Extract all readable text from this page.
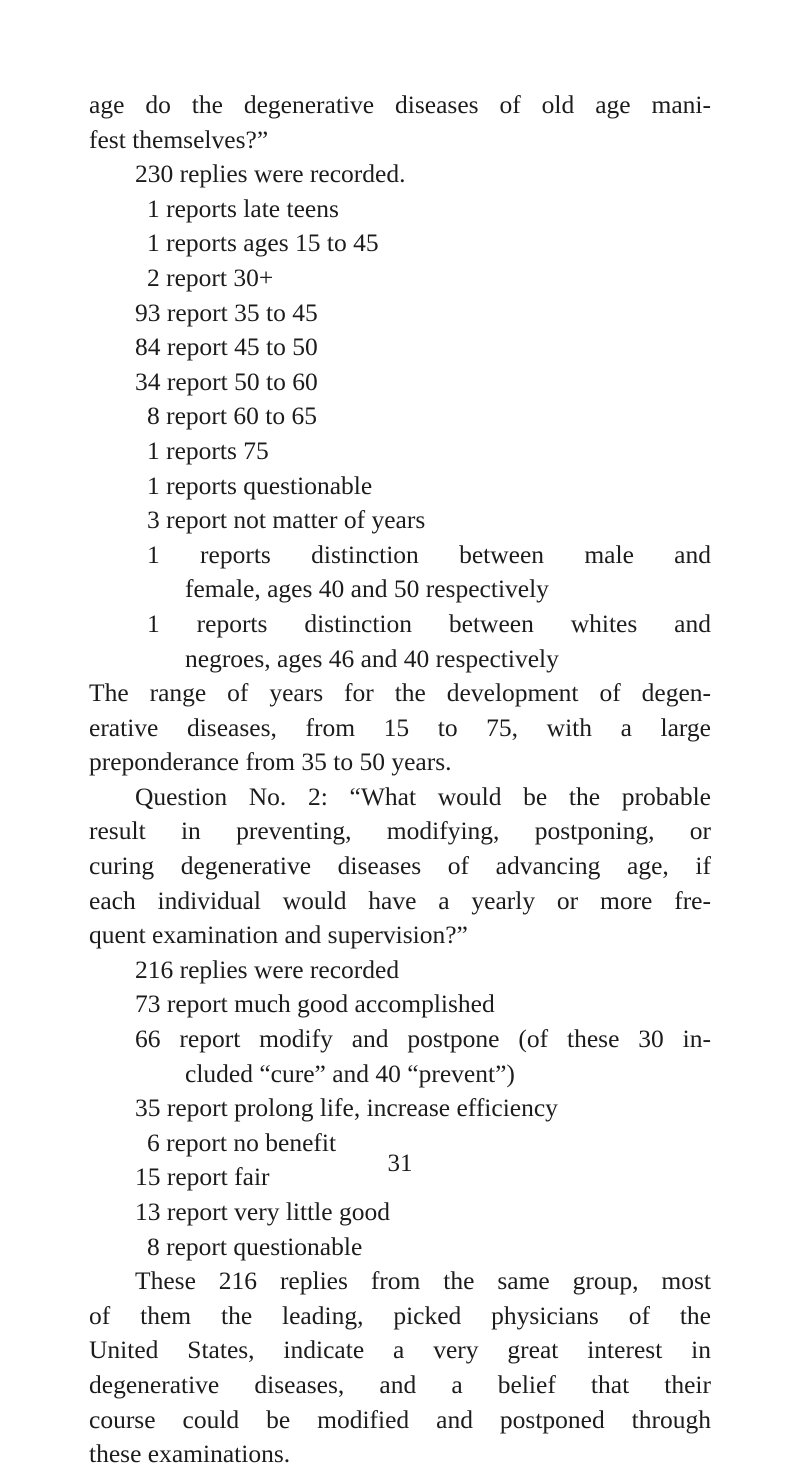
age do the degenerative diseases of old age mani-
fest themselves?”
230 replies were recorded.
1 reports late teens
1 reports ages 15 to 45
2 report 30+
93 report 35 to 45
84 report 45 to 50
34 report 50 to 60
8 report 60 to 65
1 reports 75
1 reports questionable
3 report not matter of years
1 reports distinction between male and
female, ages 40 and 50 respectively
1 reports distinction between whites and
negroes, ages 46 and 40 respectively
The range of years for the development of degen-
erative diseases, from 15 to 75, with a large
preponderance from 35 to 50 years.
Question No. 2: “What would be the probable
result in preventing, modifying, postponing, or
curing degenerative diseases of advancing age, if
each individual would have a yearly or more fre-
quent examination and supervision?”
216 replies were recorded
73 report much good accomplished
66 report modify and postpone (of these 30 in-
cluded “cure” and 40 “prevent”)
35 report prolong life, increase efficiency
6 report no benefit
15 report fair
13 report very little good
8 report questionable
These 216 replies from the same group, most
of them the leading, picked physicians of the
United States, indicate a very great interest in
degenerative diseases, and a belief that their
course could be modified and postponed through
these examinations.
31
